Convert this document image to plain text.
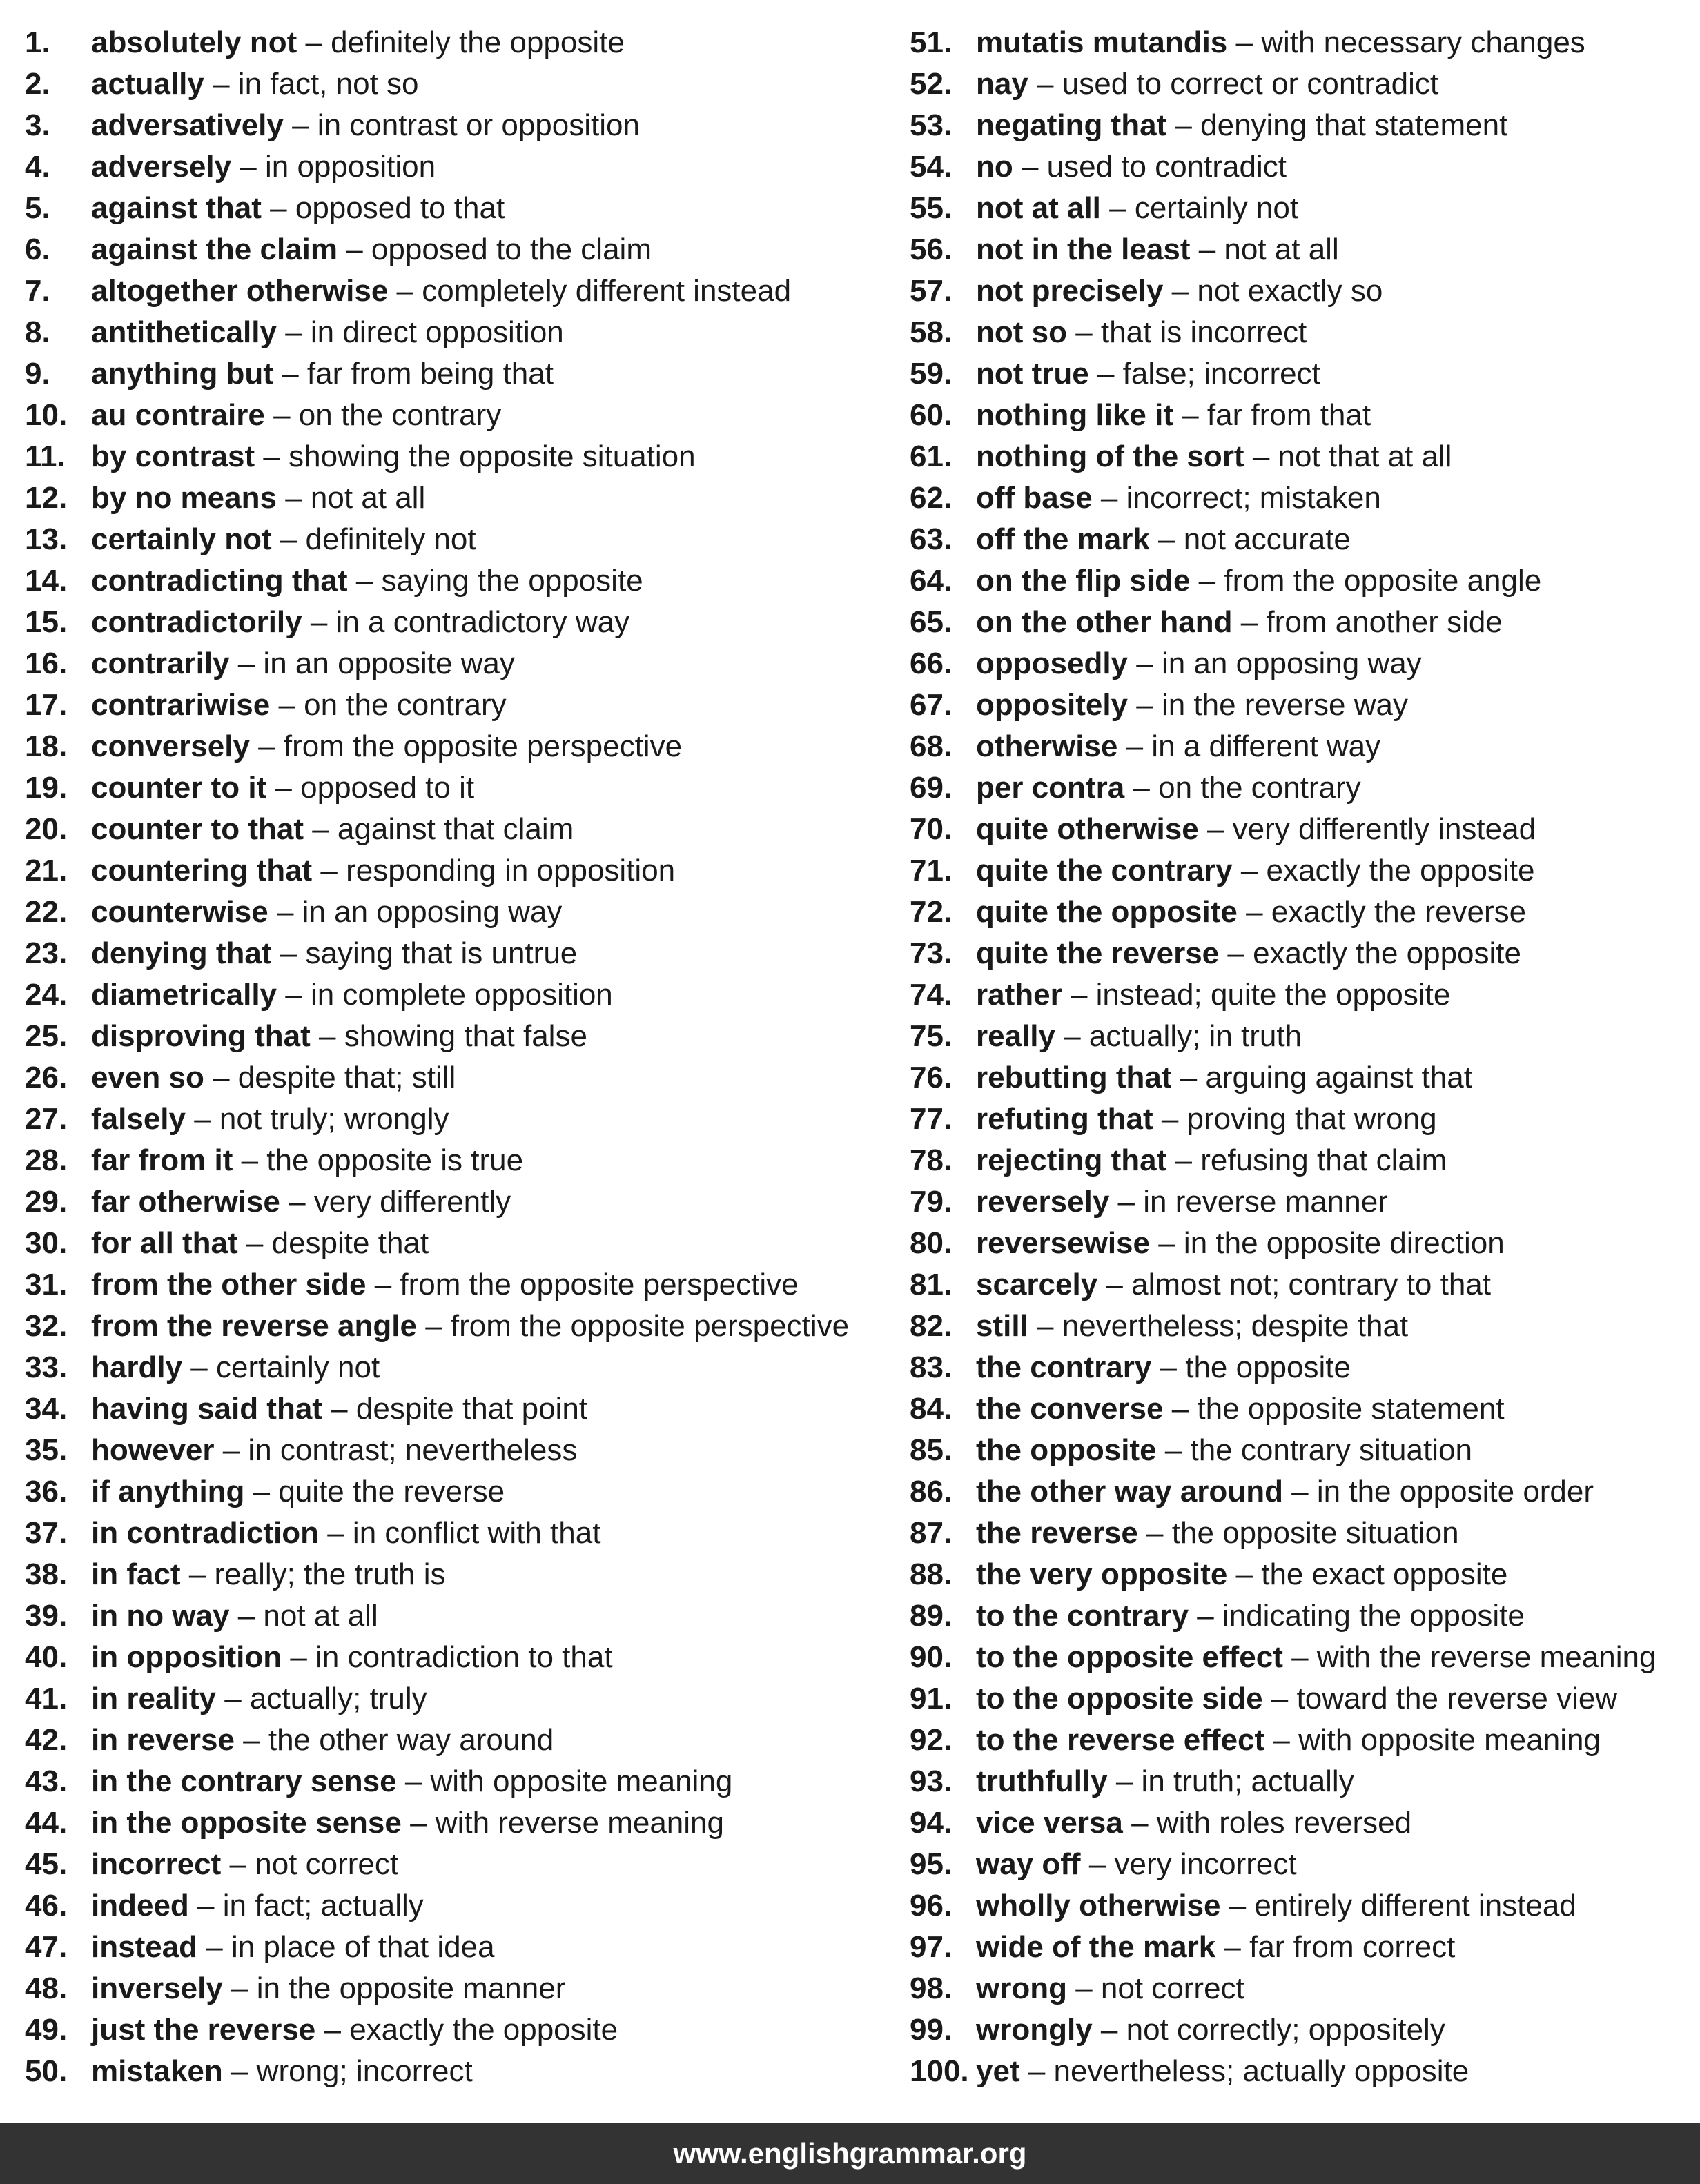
1. absolutely not – definitely the opposite
2. actually – in fact, not so
3. adversatively – in contrast or opposition
4. adversely – in opposition
5. against that – opposed to that
6. against the claim – opposed to the claim
7. altogether otherwise – completely different instead
8. antithetically – in direct opposition
9. anything but – far from being that
10. au contraire – on the contrary
11. by contrast – showing the opposite situation
12. by no means – not at all
13. certainly not – definitely not
14. contradicting that – saying the opposite
15. contradictorily – in a contradictory way
16. contrarily – in an opposite way
17. contrariwise – on the contrary
18. conversely – from the opposite perspective
19. counter to it – opposed to it
20. counter to that – against that claim
21. countering that – responding in opposition
22. counterwise – in an opposing way
23. denying that – saying that is untrue
24. diametrically – in complete opposition
25. disproving that – showing that false
26. even so – despite that; still
27. falsely – not truly; wrongly
28. far from it – the opposite is true
29. far otherwise – very differently
30. for all that – despite that
31. from the other side – from the opposite perspective
32. from the reverse angle – from the opposite perspective
33. hardly – certainly not
34. having said that – despite that point
35. however – in contrast; nevertheless
36. if anything – quite the reverse
37. in contradiction – in conflict with that
38. in fact – really; the truth is
39. in no way – not at all
40. in opposition – in contradiction to that
41. in reality – actually; truly
42. in reverse – the other way around
43. in the contrary sense – with opposite meaning
44. in the opposite sense – with reverse meaning
45. incorrect – not correct
46. indeed – in fact; actually
47. instead – in place of that idea
48. inversely – in the opposite manner
49. just the reverse – exactly the opposite
50. mistaken – wrong; incorrect
51. mutatis mutandis – with necessary changes
52. nay – used to correct or contradict
53. negating that – denying that statement
54. no – used to contradict
55. not at all – certainly not
56. not in the least – not at all
57. not precisely – not exactly so
58. not so – that is incorrect
59. not true – false; incorrect
60. nothing like it – far from that
61. nothing of the sort – not that at all
62. off base – incorrect; mistaken
63. off the mark – not accurate
64. on the flip side – from the opposite angle
65. on the other hand – from another side
66. opposedly – in an opposing way
67. oppositely – in the reverse way
68. otherwise – in a different way
69. per contra – on the contrary
70. quite otherwise – very differently instead
71. quite the contrary – exactly the opposite
72. quite the opposite – exactly the reverse
73. quite the reverse – exactly the opposite
74. rather – instead; quite the opposite
75. really – actually; in truth
76. rebutting that – arguing against that
77. refuting that – proving that wrong
78. rejecting that – refusing that claim
79. reversely – in reverse manner
80. reversewise – in the opposite direction
81. scarcely – almost not; contrary to that
82. still – nevertheless; despite that
83. the contrary – the opposite
84. the converse – the opposite statement
85. the opposite – the contrary situation
86. the other way around – in the opposite order
87. the reverse – the opposite situation
88. the very opposite – the exact opposite
89. to the contrary – indicating the opposite
90. to the opposite effect – with the reverse meaning
91. to the opposite side – toward the reverse view
92. to the reverse effect – with opposite meaning
93. truthfully – in truth; actually
94. vice versa – with roles reversed
95. way off – very incorrect
96. wholly otherwise – entirely different instead
97. wide of the mark – far from correct
98. wrong – not correct
99. wrongly – not correctly; oppositely
100. yet – nevertheless; actually opposite
www.englishgrammar.org
